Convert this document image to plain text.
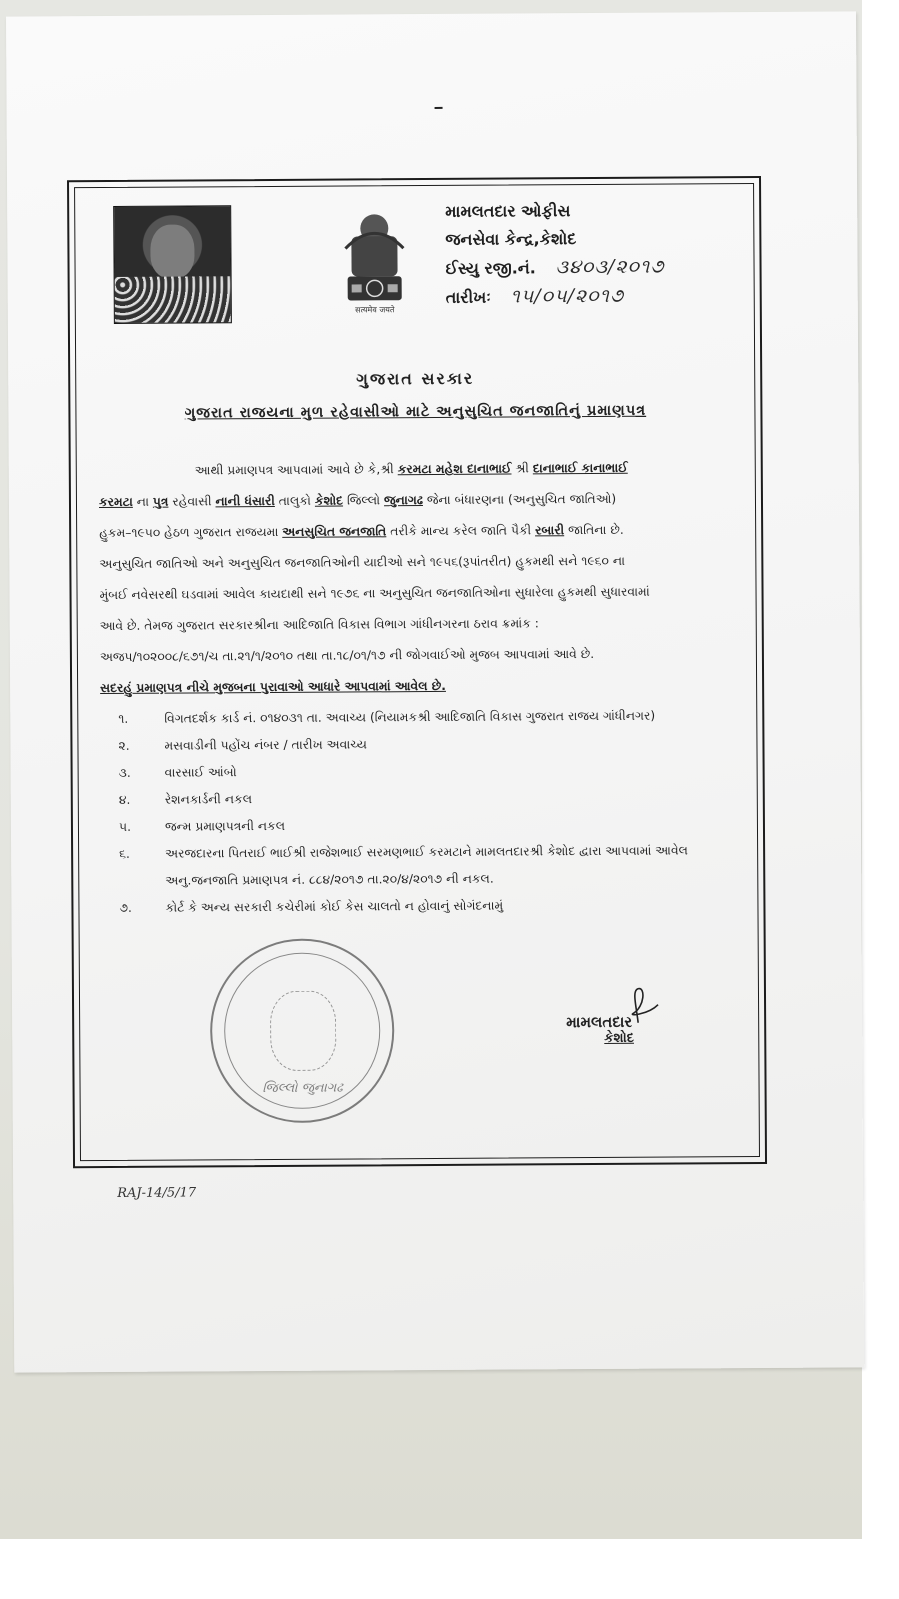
सत्यमेव जयते
મામલતદાર ઓફીસ
જનસેવા કેન્દ્ર,કેશોદ
ઈસ્યુ રજી.નં. ૩૪૦૩/૨૦૧૭
તારીખઃ ૧૫/૦૫/૨૦૧૭
ગુજરાત સરકાર
ગુજરાત રાજયના મુળ રહેવાસીઓ માટે અનુસુચિત જનજાતિનું પ્રમાણપત્ર
આથી પ્રમાણપત્ર આપવામાં આવે છે કે,શ્રી કરમટા મહેશ દાનાભાઈ શ્રી દાનાભાઈ કાનાભાઈ
કરમટા ના પુત્ર રહેવાસી નાની ધંસારી તાલુકો કેશોદ જિલ્લો જુનાગઢ જેના બંધારણના (અનુસુચિત જાતિઓ)
હુકમ–૧૯૫૦ હેઠળ ગુજરાત રાજયમા અનસુચિત જનજાતિ તરીકે માન્ય કરેલ જાતિ પૈકી રબારી જાતિના છે.
અનુસુચિત જાતિઓ અને અનુસુચિત જનજાતિઓની યાદીઓ સને ૧૯૫૬(રૂપાંતરીત) હુકમથી સને ૧૯૬૦ ના
મુંબઈ નવેસરથી ઘડવામાં આવેલ કાયદાથી સને ૧૯૭૬ ના અનુસુચિત જનજાતિઓના સુધારેલા હુકમથી સુધારવામાં
આવે છે. તેમજ ગુજરાત સરકારશ્રીના આદિજાતિ વિકાસ વિભાગ ગાંધીનગરના ઠરાવ ક્રમાંક :
અજપ/૧૦૨૦૦૮/૬૭૧/ચ તા.૨૧/૧/૨૦૧૦ તથા તા.૧૮/૦૧/૧૭ ની જોગવાઈઓ મુજબ આપવામાં આવે છે.
સદરહું પ્રમાણપત્ર નીચે મુજબના પુરાવાઓ આધારે આપવામાં આવેલ છે.
૧.	વિગતદર્શક કાર્ડ નં. ૦૧૪૦૩૧ તા. અવાચ્ય (નિયામકશ્રી આદિજાતિ વિકાસ ગુજરાત રાજય ગાંધીનગર)
૨.	મસવાડીની પહોંચ નંબર / તારીખ અવાચ્ય
૩.	વારસાઈ આંબો
૪.	રેશનકાર્ડની નકલ
૫.	જન્મ પ્રમાણપત્રની નકલ
૬.	અરજદારના પિતરાઈ ભાઈશ્રી રાજેશભાઈ સરમણભાઈ કરમટાને મામલતદારશ્રી કેશોદ દ્વારા આપવામાં આવેલ
અનુ.જનજાતિ પ્રમાણપત્ર નં. ૮૮૪/૨૦૧૭ તા.૨૦/૪/૨૦૧૭ ની નકલ.
૭.	કોર્ટ કે અન્ય સરકારી કચેરીમાં કોઈ કેસ ચાલતો ન હોવાનું સોગંદનામું
જિલ્લો જુનાગઢ
મામલતદાર
કેશોદ
RAJ-14/5/17
